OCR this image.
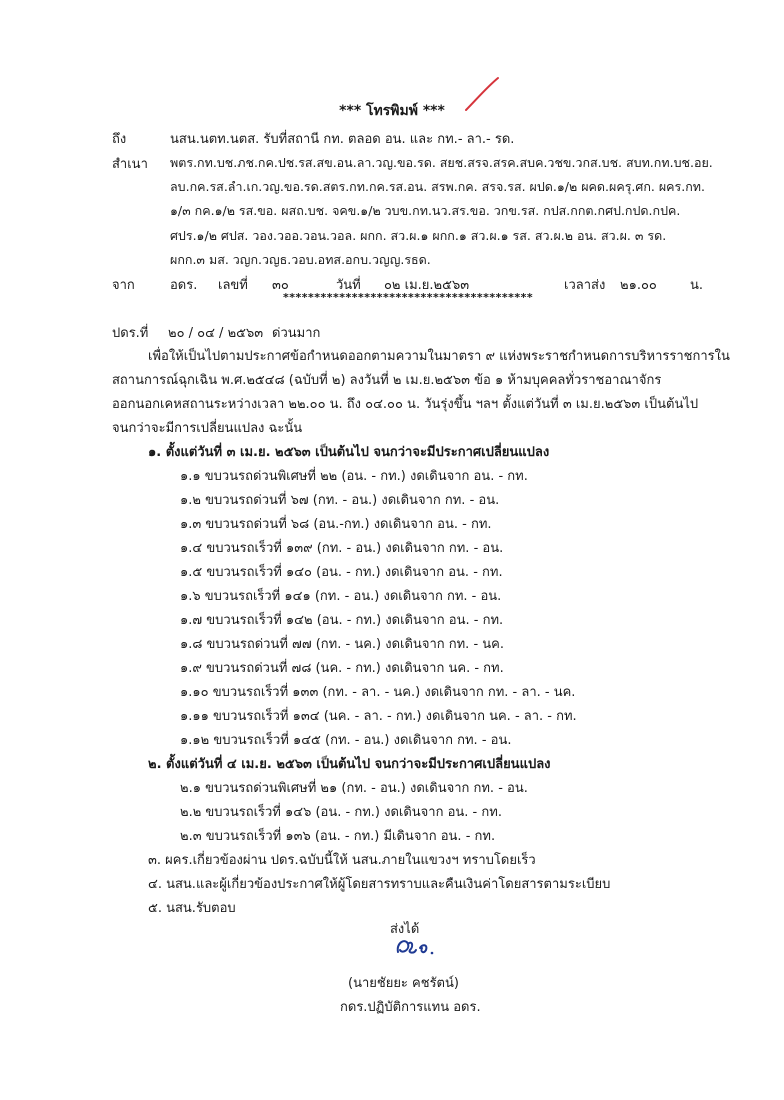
*** โทรพิมพ์ ***
ถึง	นสน.นตท.นตส. รับที่สถานี กท. ตลอด อน. และ กท.- ลา.- รด.
สำเนา พตร.กท.บช.ภช.กค.ปช.รส.สข.อน.ลา.วญ.ขอ.รด. สยช.สรจ.สรค.สบค.วชข.วกส.บช. สบท.กท.บช.อย.
ลบ.กค.รส.ลำ.เก.วญ.ขอ.รด.สตร.กท.กค.รส.อน. สรพ.กค. สรจ.รส. ผปด.๑/๒ ผคด.ผครุ.ศก. ผคร.กท.
๑/๓ กค.๑/๒ รส.ขอ. ผสถ.บช. จคข.๑/๒ วบข.กท.นว.สร.ขอ. วกข.รส. กปส.กกต.กศป.กปด.กปค.
ศปร.๑/๒ ศปส. วอง.วออ.วอน.วอล. ผกก. สว.ผ.๑ ผกก.๑ สว.ผ.๑ รส. สว.ผ.๒ อน. สว.ผ. ๓ รด.
ผกก.๓ มส. วญก.วญธ.วอบ.อทส.อกบ.วญญ.รธด.
จาก	อดร. เลขที่ ๓๐	วันที่ ๐๒ เม.ย.๒๕๖๓	เวลาส่ง ๒๑.๐๐	น.
****************************************
ปดร.ที่ ๒๐ / ๐๔ / ๒๕๖๓ ด่วนมาก
เพื่อให้เป็นไปตามประกาศข้อกำหนดออกตามความในมาตรา ๙ แห่งพระราชกำหนดการบริหารราชการใน
สถานการณ์ฉุกเฉิน พ.ศ.๒๕๔๘ (ฉบับที่ ๒) ลงวันที่ ๒ เม.ย.๒๕๖๓ ข้อ ๑ ห้ามบุคคลทั่วราชอาณาจักร
ออกนอกเคหสถานระหว่างเวลา ๒๒.๐๐ น. ถึง ๐๔.๐๐ น. วันรุ่งขึ้น ฯลฯ ตั้งแต่วันที่ ๓ เม.ย.๒๕๖๓ เป็นต้นไป
จนกว่าจะมีการเปลี่ยนแปลง ฉะนั้น
๑. ตั้งแต่วันที่ ๓ เม.ย. ๒๕๖๓ เป็นต้นไป จนกว่าจะมีประกาศเปลี่ยนแปลง
๑.๑ ขบวนรถด่วนพิเศษที่ ๒๒ (อน. - กท.) งดเดินจาก อน. - กท.
๑.๒ ขบวนรถด่วนที่ ๖๗ (กท. - อน.) งดเดินจาก กท. - อน.
๑.๓ ขบวนรถด่วนที่ ๖๘ (อน.-กท.) งดเดินจาก อน. - กท.
๑.๔ ขบวนรถเร็วที่ ๑๓๙ (กท. - อน.) งดเดินจาก กท. - อน.
๑.๕ ขบวนรถเร็วที่ ๑๔๐ (อน. - กท.) งดเดินจาก อน. - กท.
๑.๖ ขบวนรถเร็วที่ ๑๔๑ (กท. - อน.) งดเดินจาก กท. - อน.
๑.๗ ขบวนรถเร็วที่ ๑๔๒ (อน. - กท.) งดเดินจาก อน. - กท.
๑.๘ ขบวนรถด่วนที่ ๗๗ (กท. - นค.) งดเดินจาก กท. - นค.
๑.๙ ขบวนรถด่วนที่ ๗๘ (นค. - กท.) งดเดินจาก นค. - กท.
๑.๑๐ ขบวนรถเร็วที่ ๑๓๓ (กท. - ลา. - นค.) งดเดินจาก กท. - ลา. - นค.
๑.๑๑ ขบวนรถเร็วที่ ๑๓๔ (นค. - ลา. - กท.) งดเดินจาก นค. - ลา. - กท.
๑.๑๒ ขบวนรถเร็วที่ ๑๔๕ (กท. - อน.) งดเดินจาก กท. - อน.
๒. ตั้งแต่วันที่ ๔ เม.ย. ๒๕๖๓ เป็นต้นไป จนกว่าจะมีประกาศเปลี่ยนแปลง
๒.๑ ขบวนรถด่วนพิเศษที่ ๒๑ (กท. - อน.) งดเดินจาก กท. - อน.
๒.๒ ขบวนรถเร็วที่ ๑๔๖ (อน. - กท.) งดเดินจาก อน. - กท.
๒.๓ ขบวนรถเร็วที่ ๑๓๖ (อน. - กท.) มีเดินจาก อน. - กท.
๓. ผคร.เกี่ยวข้องผ่าน ปดร.ฉบับนี้ให้ นสน.ภายในแขวงฯ ทราบโดยเร็ว
๔. นสน.และผู้เกี่ยวข้องประกาศให้ผู้โดยสารทราบและคืนเงินค่าโดยสารตามระเบียบ
๕. นสน.รับตอบ
ส่งได้
(นายชัยยะ คชรัตน์)
กดร.ปฏิบัติการแทน อดร.
